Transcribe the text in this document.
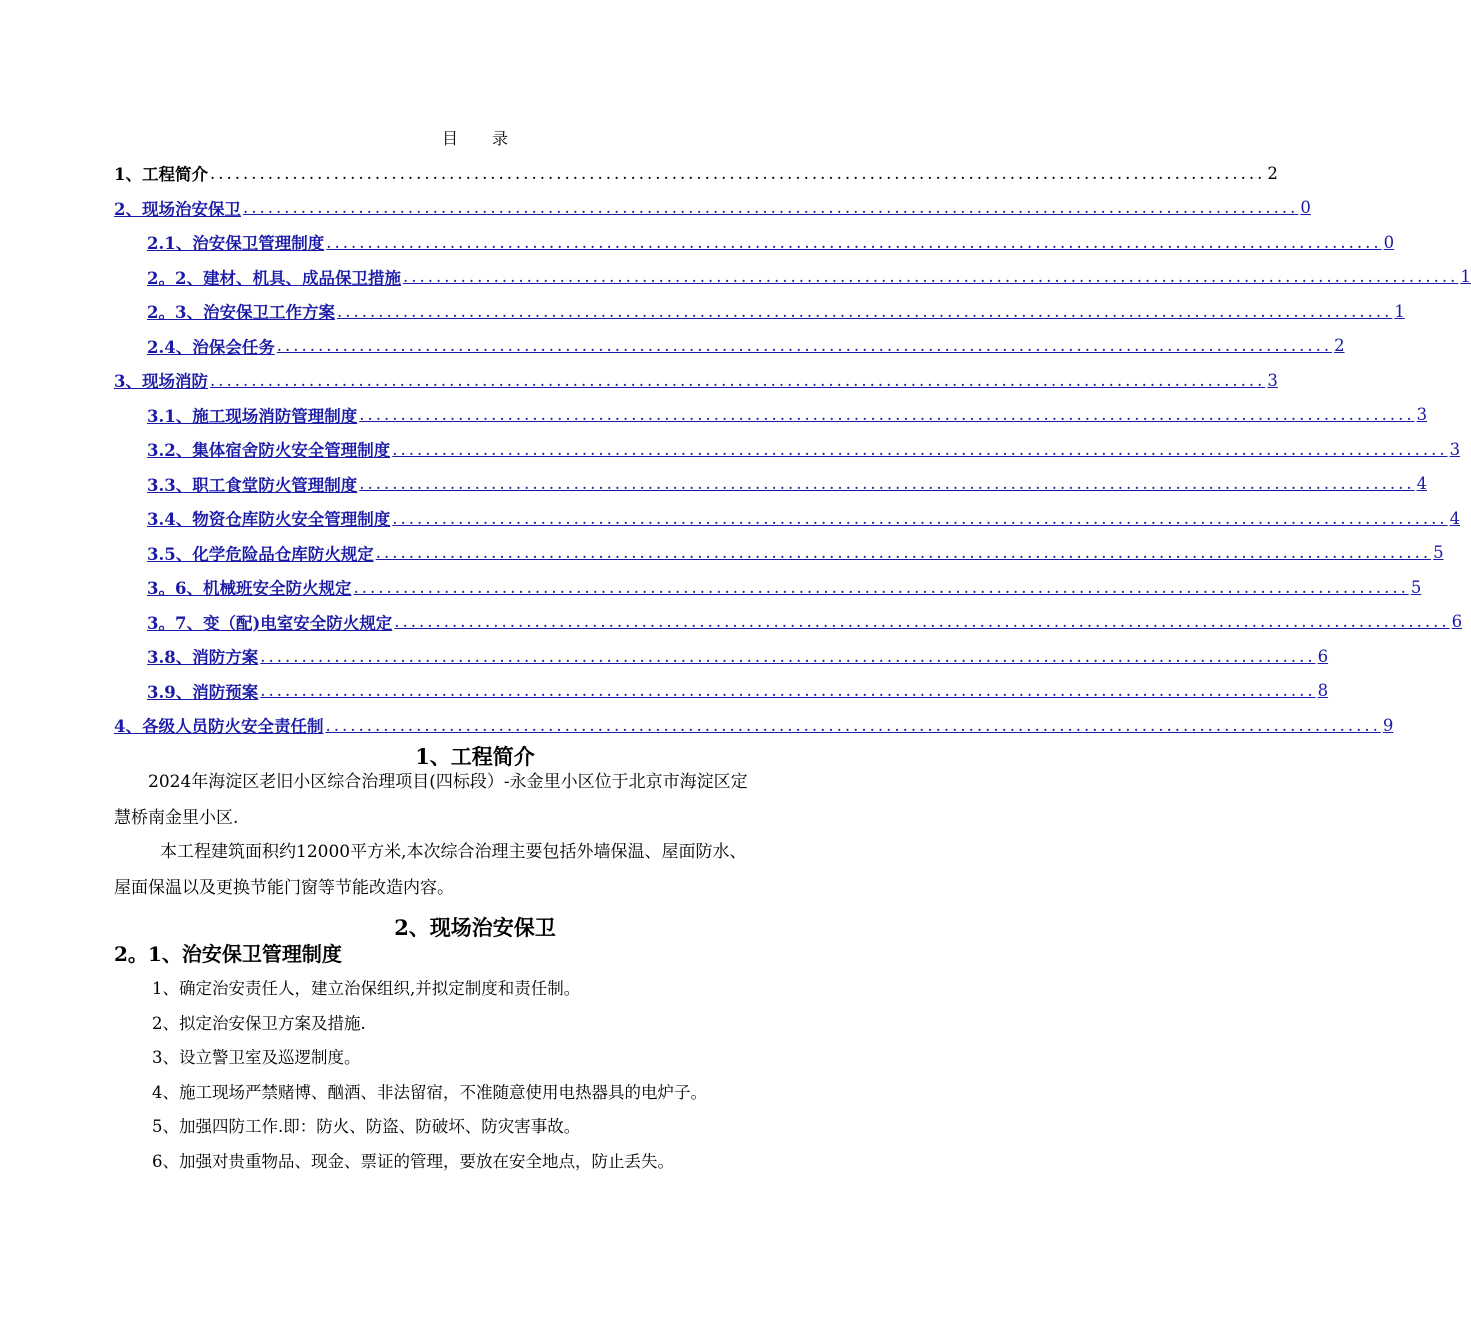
目 录
1、工程简介 ................................................................................................................................ 2
2、现场治安保卫 ................................................................................................................................ 0
2.1、治安保卫管理制度 ................................................................................................................................ 0
2。2、建材、机具、成品保卫措施 ................................................................................................................................ 1
2。3、治安保卫工作方案 ................................................................................................................................ 1
2.4、治保会任务 ................................................................................................................................ 2
3、现场消防 ................................................................................................................................ 3
3.1、施工现场消防管理制度 ................................................................................................................................ 3
3.2、集体宿舍防火安全管理制度 ................................................................................................................................ 3
3.3、职工食堂防火管理制度 ................................................................................................................................ 4
3.4、物资仓库防火安全管理制度 ................................................................................................................................ 4
3.5、化学危险品仓库防火规定 ................................................................................................................................ 5
3。6、机械班安全防火规定 ................................................................................................................................ 5
3。7、变（配)电室安全防火规定 ................................................................................................................................ 6
3.8、消防方案 ................................................................................................................................ 6
3.9、消防预案 ................................................................................................................................ 8
4、各级人员防火安全责任制 ................................................................................................................................ 9
1、工程简介
2024年海淀区老旧小区综合治理项目(四标段）-永金里小区位于北京市海淀区定
慧桥南金里小区.
本工程建筑面积约12000平方米,本次综合治理主要包括外墙保温、屋面防水、
屋面保温以及更换节能门窗等节能改造内容。
2、现场治安保卫
2。1、治安保卫管理制度
1、确定治安责任人，建立治保组织,并拟定制度和责任制。
2、拟定治安保卫方案及措施.
3、设立警卫室及巡逻制度。
4、施工现场严禁赌博、酗酒、非法留宿，不准随意使用电热器具的电炉子。
5、加强四防工作.即：防火、防盗、防破坏、防灾害事故。
6、加强对贵重物品、现金、票证的管理，要放在安全地点，防止丢失。
